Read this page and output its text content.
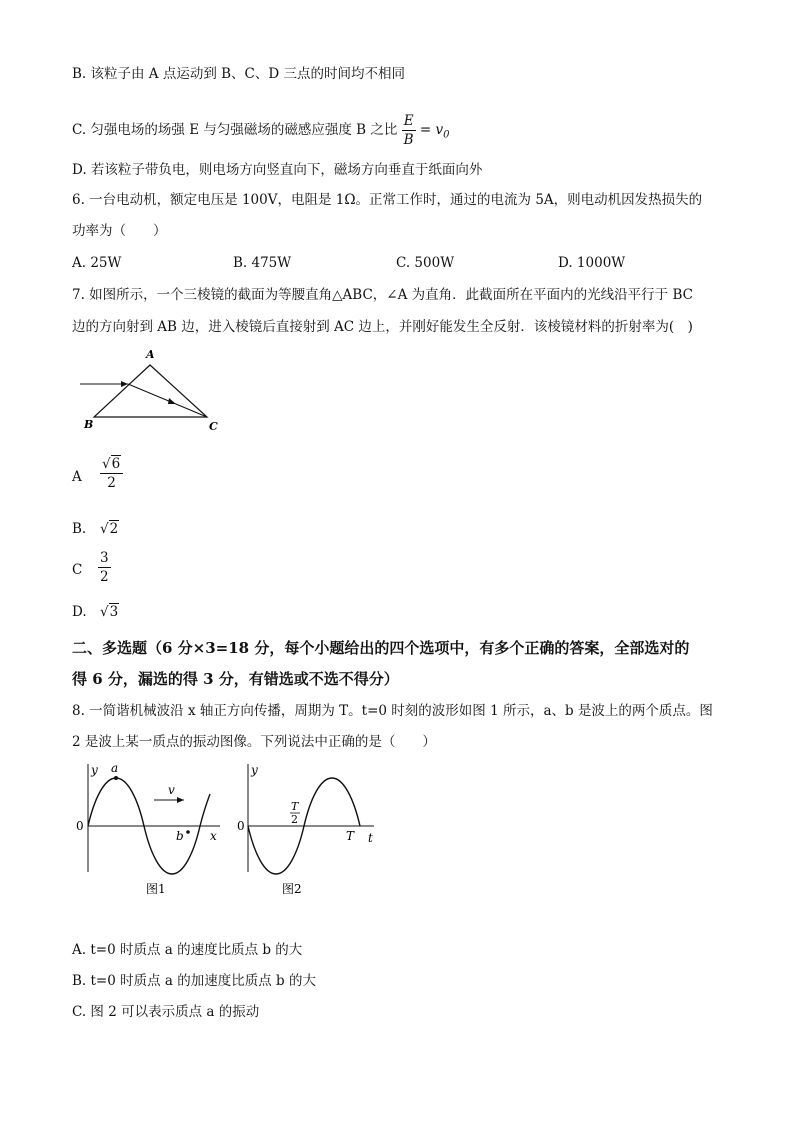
B. 该粒子由 A 点运动到 B、C、D 三点的时间均不相同
C. 匀强电场的场强 E 与匀强磁场的磁感应强度 B 之比 $\frac{E}{B} = v_0$
D. 若该粒子带负电，则电场方向竖直向下，磁场方向垂直于纸面向外
6. 一台电动机，额定电压是 100V，电阻是 1Ω。正常工作时，通过的电流为 5A，则电动机因发热损失的
功率为（　　）
A. 25W	B. 475W	C. 500W	D. 1000W
7. 如图所示，一个三棱镜的截面为等腰直角△ABC，∠A 为直角．此截面所在平面内的光线沿平行于 BC
边的方向射到 AB 边，进入棱镜后直接射到 AC 边上，并刚好能发生全反射．该棱镜材料的折射率为(　)
A
B	C
A $\frac{√6}{2}$
B. √2
C $\frac{3}{2}$
D. √3
二、多选题（6 分×3=18 分，每个小题给出的四个选项中，有多个正确的答案，全部选对的
得 6 分，漏选的得 3 分，有错选或不选不得分）
8. 一简谐机械波沿 x 轴正方向传播，周期为 T。t=0 时刻的波形如图 1 所示，a、b 是波上的两个质点。图
2 是波上某一质点的振动图像。下列说法中正确的是（　　）
y a
v
0
b x
图1
y
0
T
2
T t
图2
A. t=0 时质点 a 的速度比质点 b 的大
B. t=0 时质点 a 的加速度比质点 b 的大
C. 图 2 可以表示质点 a 的振动
